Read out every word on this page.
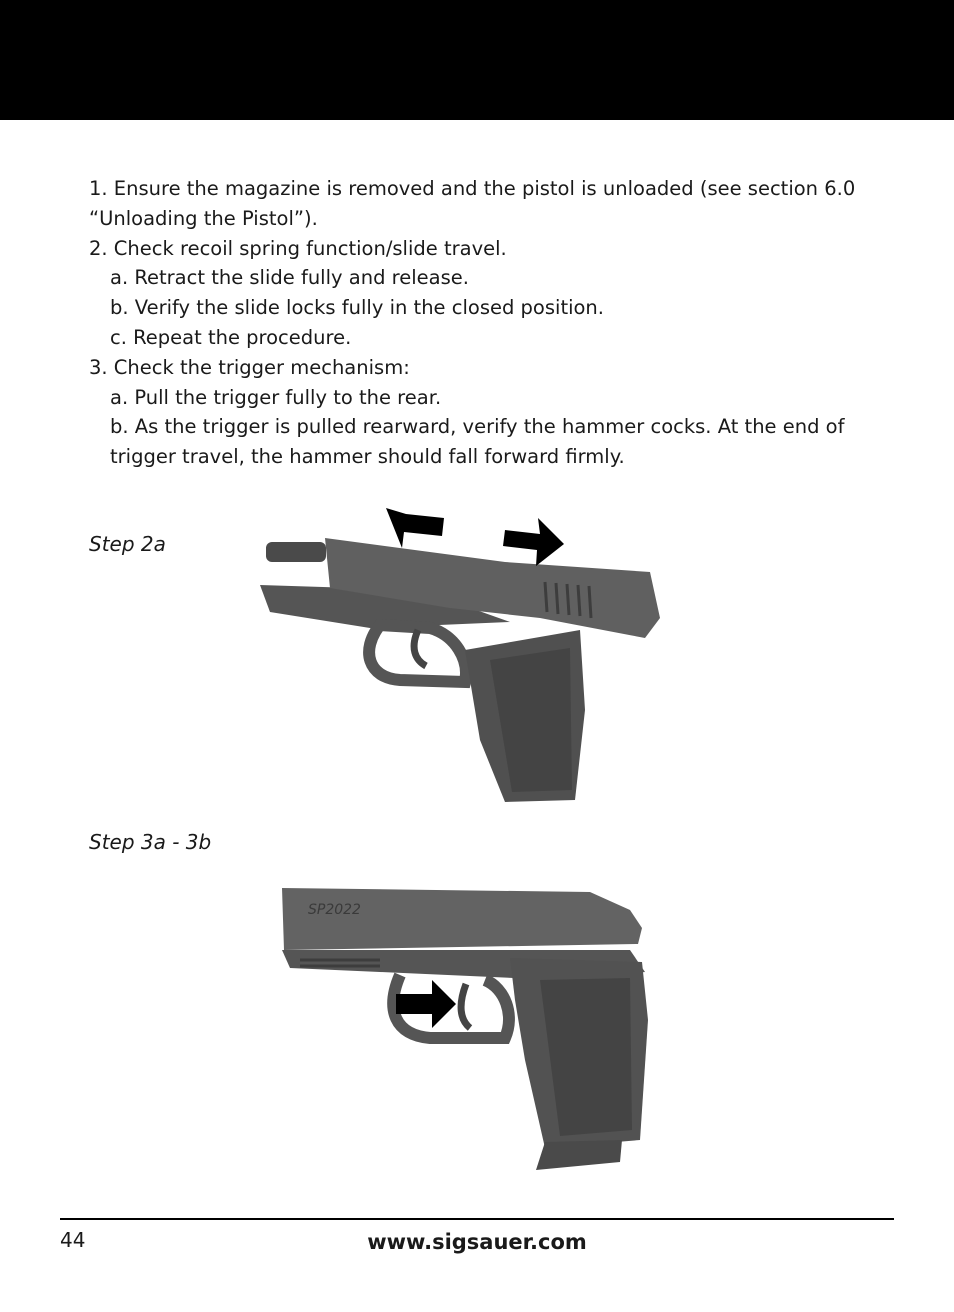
1. Ensure the magazine is removed and the pistol is unloaded (see section 6.0 “Unloading the Pistol”).
2. Check recoil spring function/slide travel.
a. Retract the slide fully and release.
b. Verify the slide locks fully in the closed position.
c. Repeat the procedure.
3. Check the trigger mechanism:
a. Pull the trigger fully to the rear.
b. As the trigger is pulled rearward, verify the hammer cocks. At the end of trigger travel, the hammer should fall forward firmly.
Step 2a
Step 3a - 3b
SP2022
44	www.sigsauer.com
